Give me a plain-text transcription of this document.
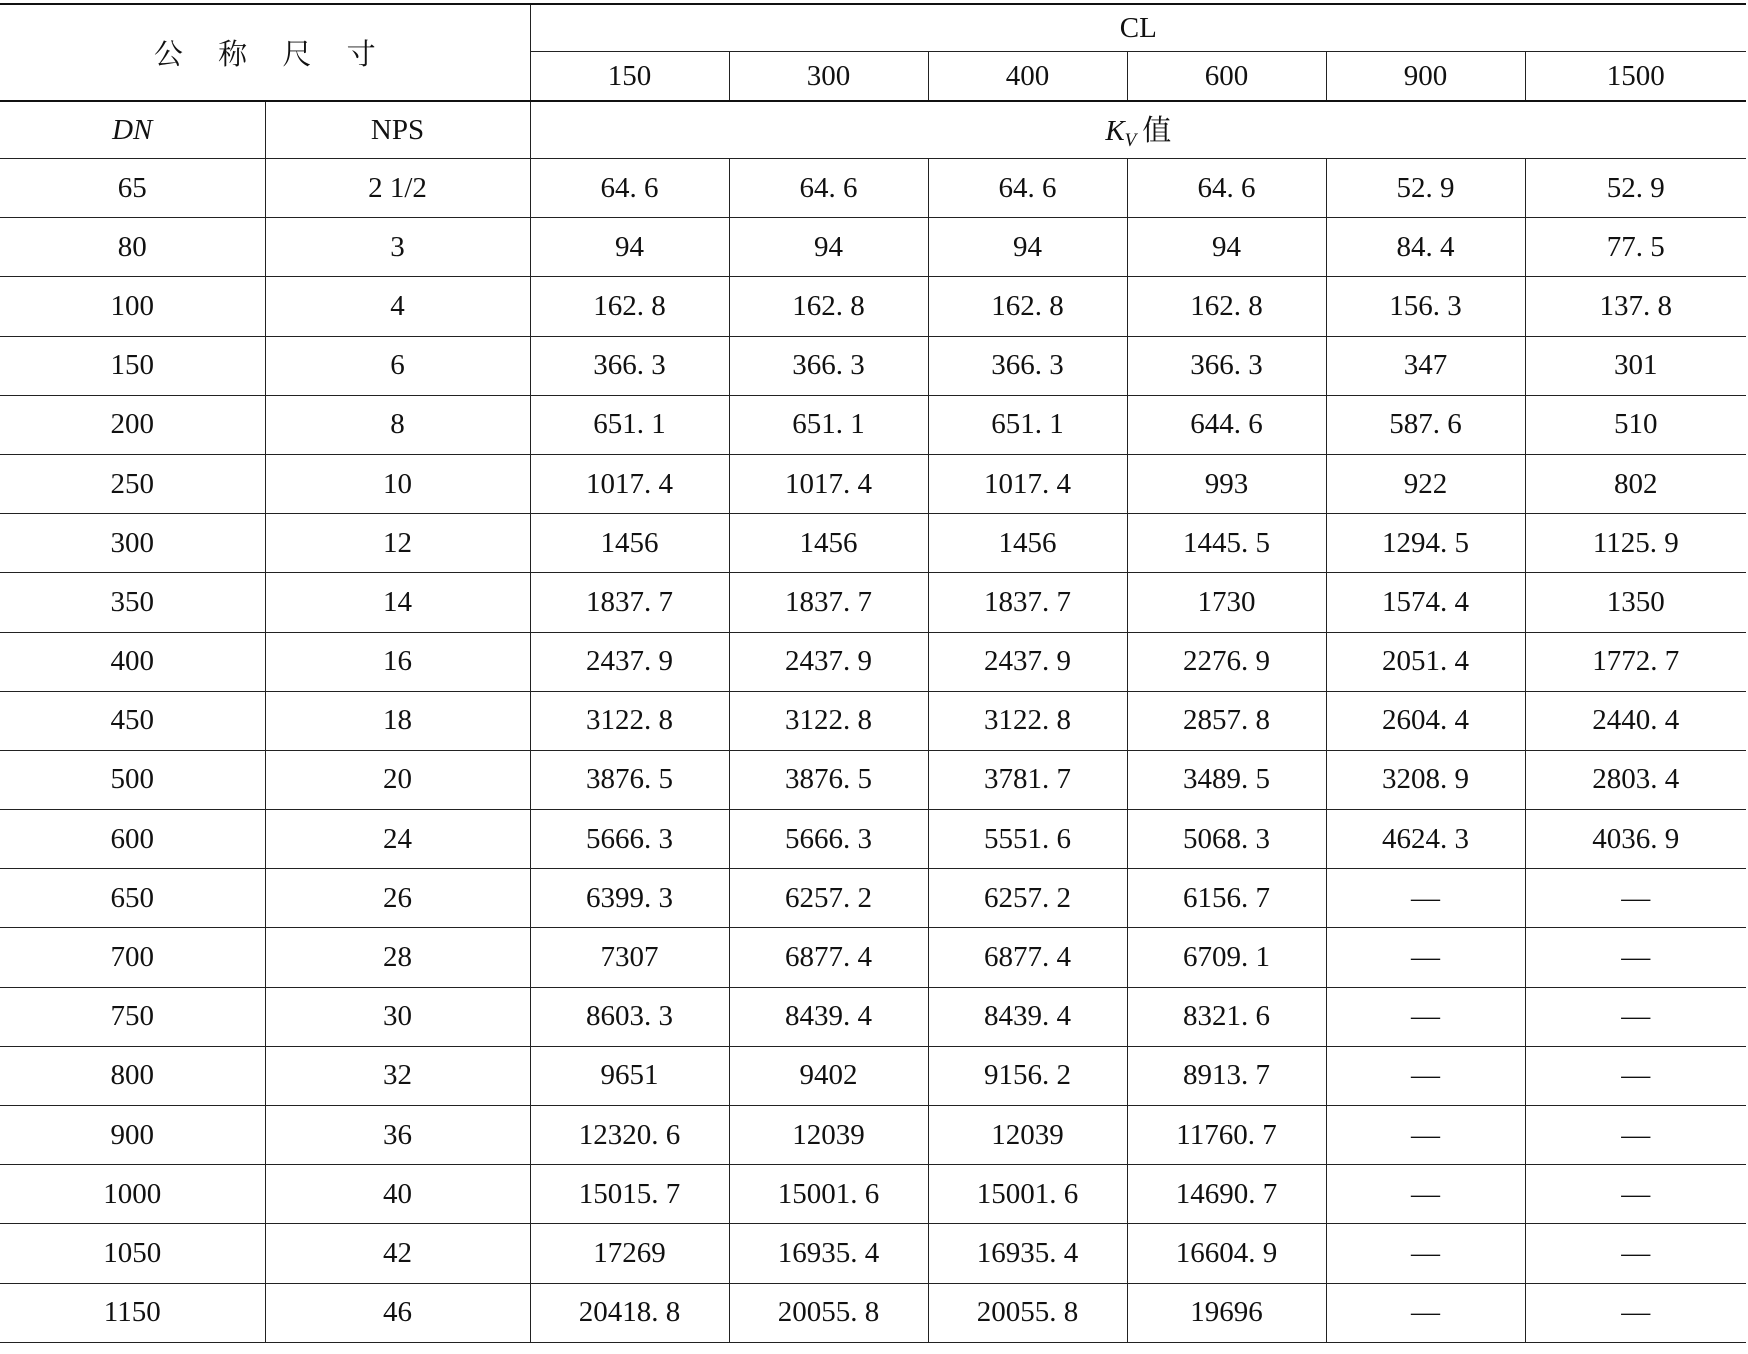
公 称 尺 寸		CL					
		150	300	400	600	900	1500
DN	NPS	$K_V$ 值					
65	2 1/2	64. 6	64. 6	64. 6	64. 6	52. 9	52. 9
80	3	94	94	94	94	84. 4	77. 5
100	4	162. 8	162. 8	162. 8	162. 8	156. 3	137. 8
150	6	366. 3	366. 3	366. 3	366. 3	347	301
200	8	651. 1	651. 1	651. 1	644. 6	587. 6	510
250	10	1017. 4	1017. 4	1017. 4	993	922	802
300	12	1456	1456	1456	1445. 5	1294. 5	1125. 9
350	14	1837. 7	1837. 7	1837. 7	1730	1574. 4	1350
400	16	2437. 9	2437. 9	2437. 9	2276. 9	2051. 4	1772. 7
450	18	3122. 8	3122. 8	3122. 8	2857. 8	2604. 4	2440. 4
500	20	3876. 5	3876. 5	3781. 7	3489. 5	3208. 9	2803. 4
600	24	5666. 3	5666. 3	5551. 6	5068. 3	4624. 3	4036. 9
650	26	6399. 3	6257. 2	6257. 2	6156. 7	—	—
700	28	7307	6877. 4	6877. 4	6709. 1	—	—
750	30	8603. 3	8439. 4	8439. 4	8321. 6	—	—
800	32	9651	9402	9156. 2	8913. 7	—	—
900	36	12320. 6	12039	12039	11760. 7	—	—
1000	40	15015. 7	15001. 6	15001. 6	14690. 7	—	—
1050	42	17269	16935. 4	16935. 4	16604. 9	—	—
1150	46	20418. 8	20055. 8	20055. 8	19696	—	—
